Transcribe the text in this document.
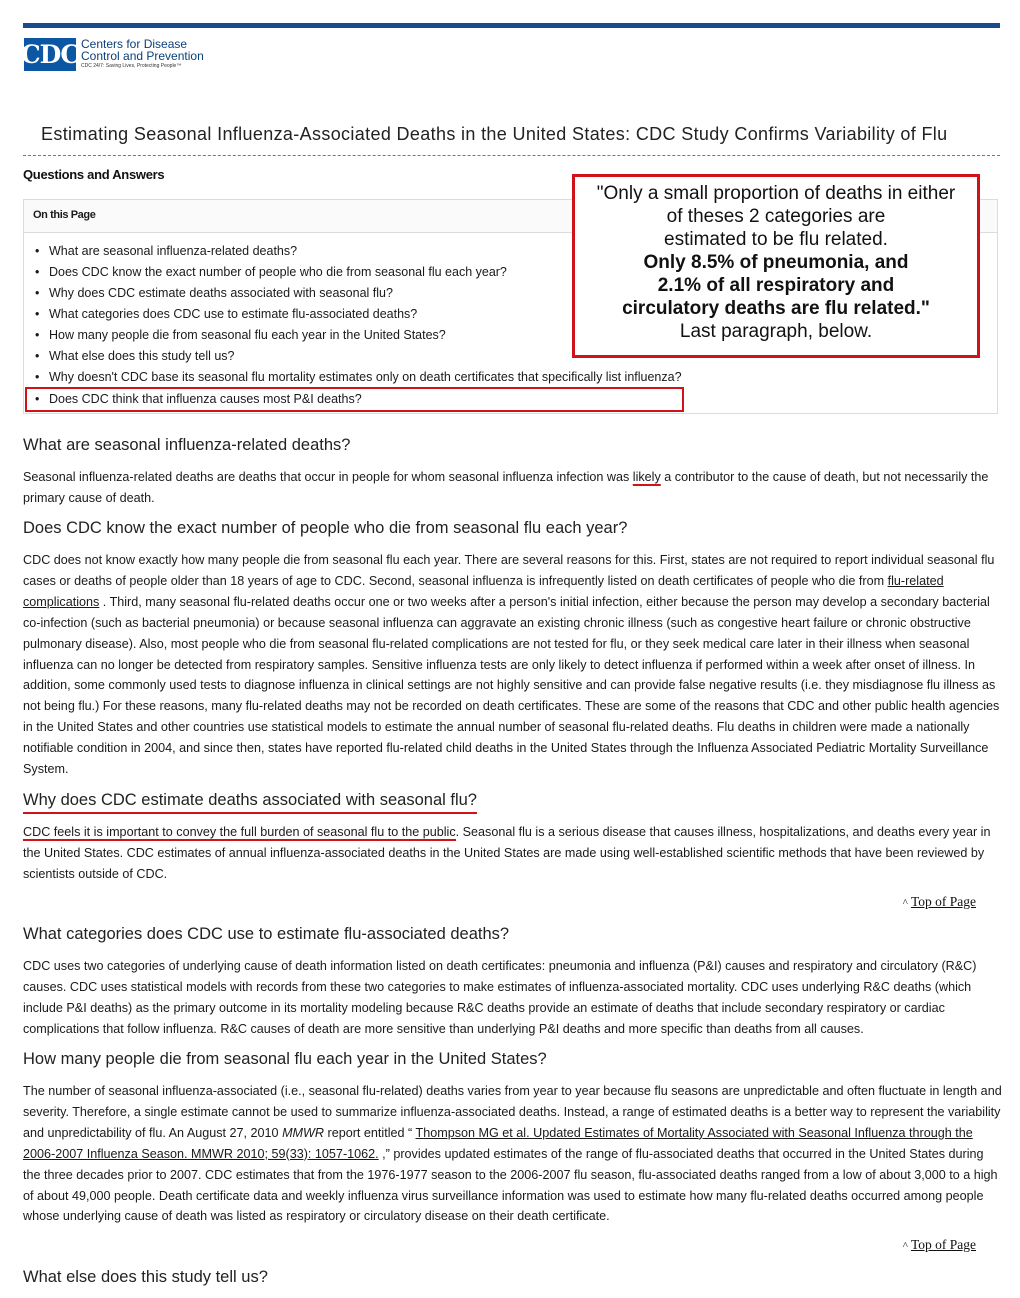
CDC Centers for Disease
Control and Prevention
CDC 24/7: Saving Lives, Protecting People™
Estimating Seasonal Influenza-Associated Deaths in the United States: CDC Study Confirms Variability of Flu
Questions and Answers
On this Page
• What are seasonal influenza-related deaths?
• Does CDC know the exact number of people who die from seasonal flu each year?
• Why does CDC estimate deaths associated with seasonal flu?
• What categories does CDC use to estimate flu-associated deaths?
• How many people die from seasonal flu each year in the United States?
• What else does this study tell us?
• Why doesn't CDC base its seasonal flu mortality estimates only on death certificates that specifically list influenza?
• Does CDC think that influenza causes most P&I deaths?
"Only a small proportion of deaths in either
of theses 2 categories are
estimated to be flu related.
Only 8.5% of pneumonia, and
2.1% of all respiratory and
circulatory deaths are flu related."
Last paragraph, below.
What are seasonal influenza-related deaths?

Seasonal influenza-related deaths are deaths that occur in people for whom seasonal influenza infection was likely a contributor to the cause of death, but not necessarily the primary cause of death.

Does CDC know the exact number of people who die from seasonal flu each year?

CDC does not know exactly how many people die from seasonal flu each year. There are several reasons for this. First, states are not required to report individual seasonal flu cases or deaths of people older than 18 years of age to CDC. Second, seasonal influenza is infrequently listed on death certificates of people who die from flu-related complications . Third, many seasonal flu-related deaths occur one or two weeks after a person's initial infection, either because the person may develop a secondary bacterial co-infection (such as bacterial pneumonia) or because seasonal influenza can aggravate an existing chronic illness (such as congestive heart failure or chronic obstructive pulmonary disease). Also, most people who die from seasonal flu-related complications are not tested for flu, or they seek medical care later in their illness when seasonal influenza can no longer be detected from respiratory samples. Sensitive influenza tests are only likely to detect influenza if performed within a week after onset of illness. In addition, some commonly used tests to diagnose influenza in clinical settings are not highly sensitive and can provide false negative results (i.e. they misdiagnose flu illness as not being flu.) For these reasons, many flu-related deaths may not be recorded on death certificates. These are some of the reasons that CDC and other public health agencies in the United States and other countries use statistical models to estimate the annual number of seasonal flu-related deaths. Flu deaths in children were made a nationally notifiable condition in 2004, and since then, states have reported flu-related child deaths in the United States through the Influenza Associated Pediatric Mortality Surveillance System.

Why does CDC estimate deaths associated with seasonal flu?

CDC feels it is important to convey the full burden of seasonal flu to the public. Seasonal flu is a serious disease that causes illness, hospitalizations, and deaths every year in the United States. CDC estimates of annual influenza-associated deaths in the United States are made using well-established scientific methods that have been reviewed by scientists outside of CDC.

^ Top of Page
What categories does CDC use to estimate flu-associated deaths?

CDC uses two categories of underlying cause of death information listed on death certificates: pneumonia and influenza (P&I) causes and respiratory and circulatory (R&C) causes. CDC uses statistical models with records from these two categories to make estimates of influenza-associated mortality. CDC uses underlying R&C deaths (which include P&I deaths) as the primary outcome in its mortality modeling because R&C deaths provide an estimate of deaths that include secondary respiratory or cardiac complications that follow influenza. R&C causes of death are more sensitive than underlying P&I deaths and more specific than deaths from all causes.

How many people die from seasonal flu each year in the United States?

The number of seasonal influenza-associated (i.e., seasonal flu-related) deaths varies from year to year because flu seasons are unpredictable and often fluctuate in length and severity. Therefore, a single estimate cannot be used to summarize influenza-associated deaths. Instead, a range of estimated deaths is a better way to represent the variability and unpredictability of flu. An August 27, 2010 MMWR report entitled “ Thompson MG et al. Updated Estimates of Mortality Associated with Seasonal Influenza through the 2006-2007 Influenza Season. MMWR 2010; 59(33): 1057-1062. ,” provides updated estimates of the range of flu-associated deaths that occurred in the United States during the three decades prior to 2007. CDC estimates that from the 1976-1977 season to the 2006-2007 flu season, flu-associated deaths ranged from a low of about 3,000 to a high of about 49,000 people. Death certificate data and weekly influenza virus surveillance information was used to estimate how many flu-related deaths occurred among people whose underlying cause of death was listed as respiratory or circulatory disease on their death certificate.

^ Top of Page
What else does this study tell us?
